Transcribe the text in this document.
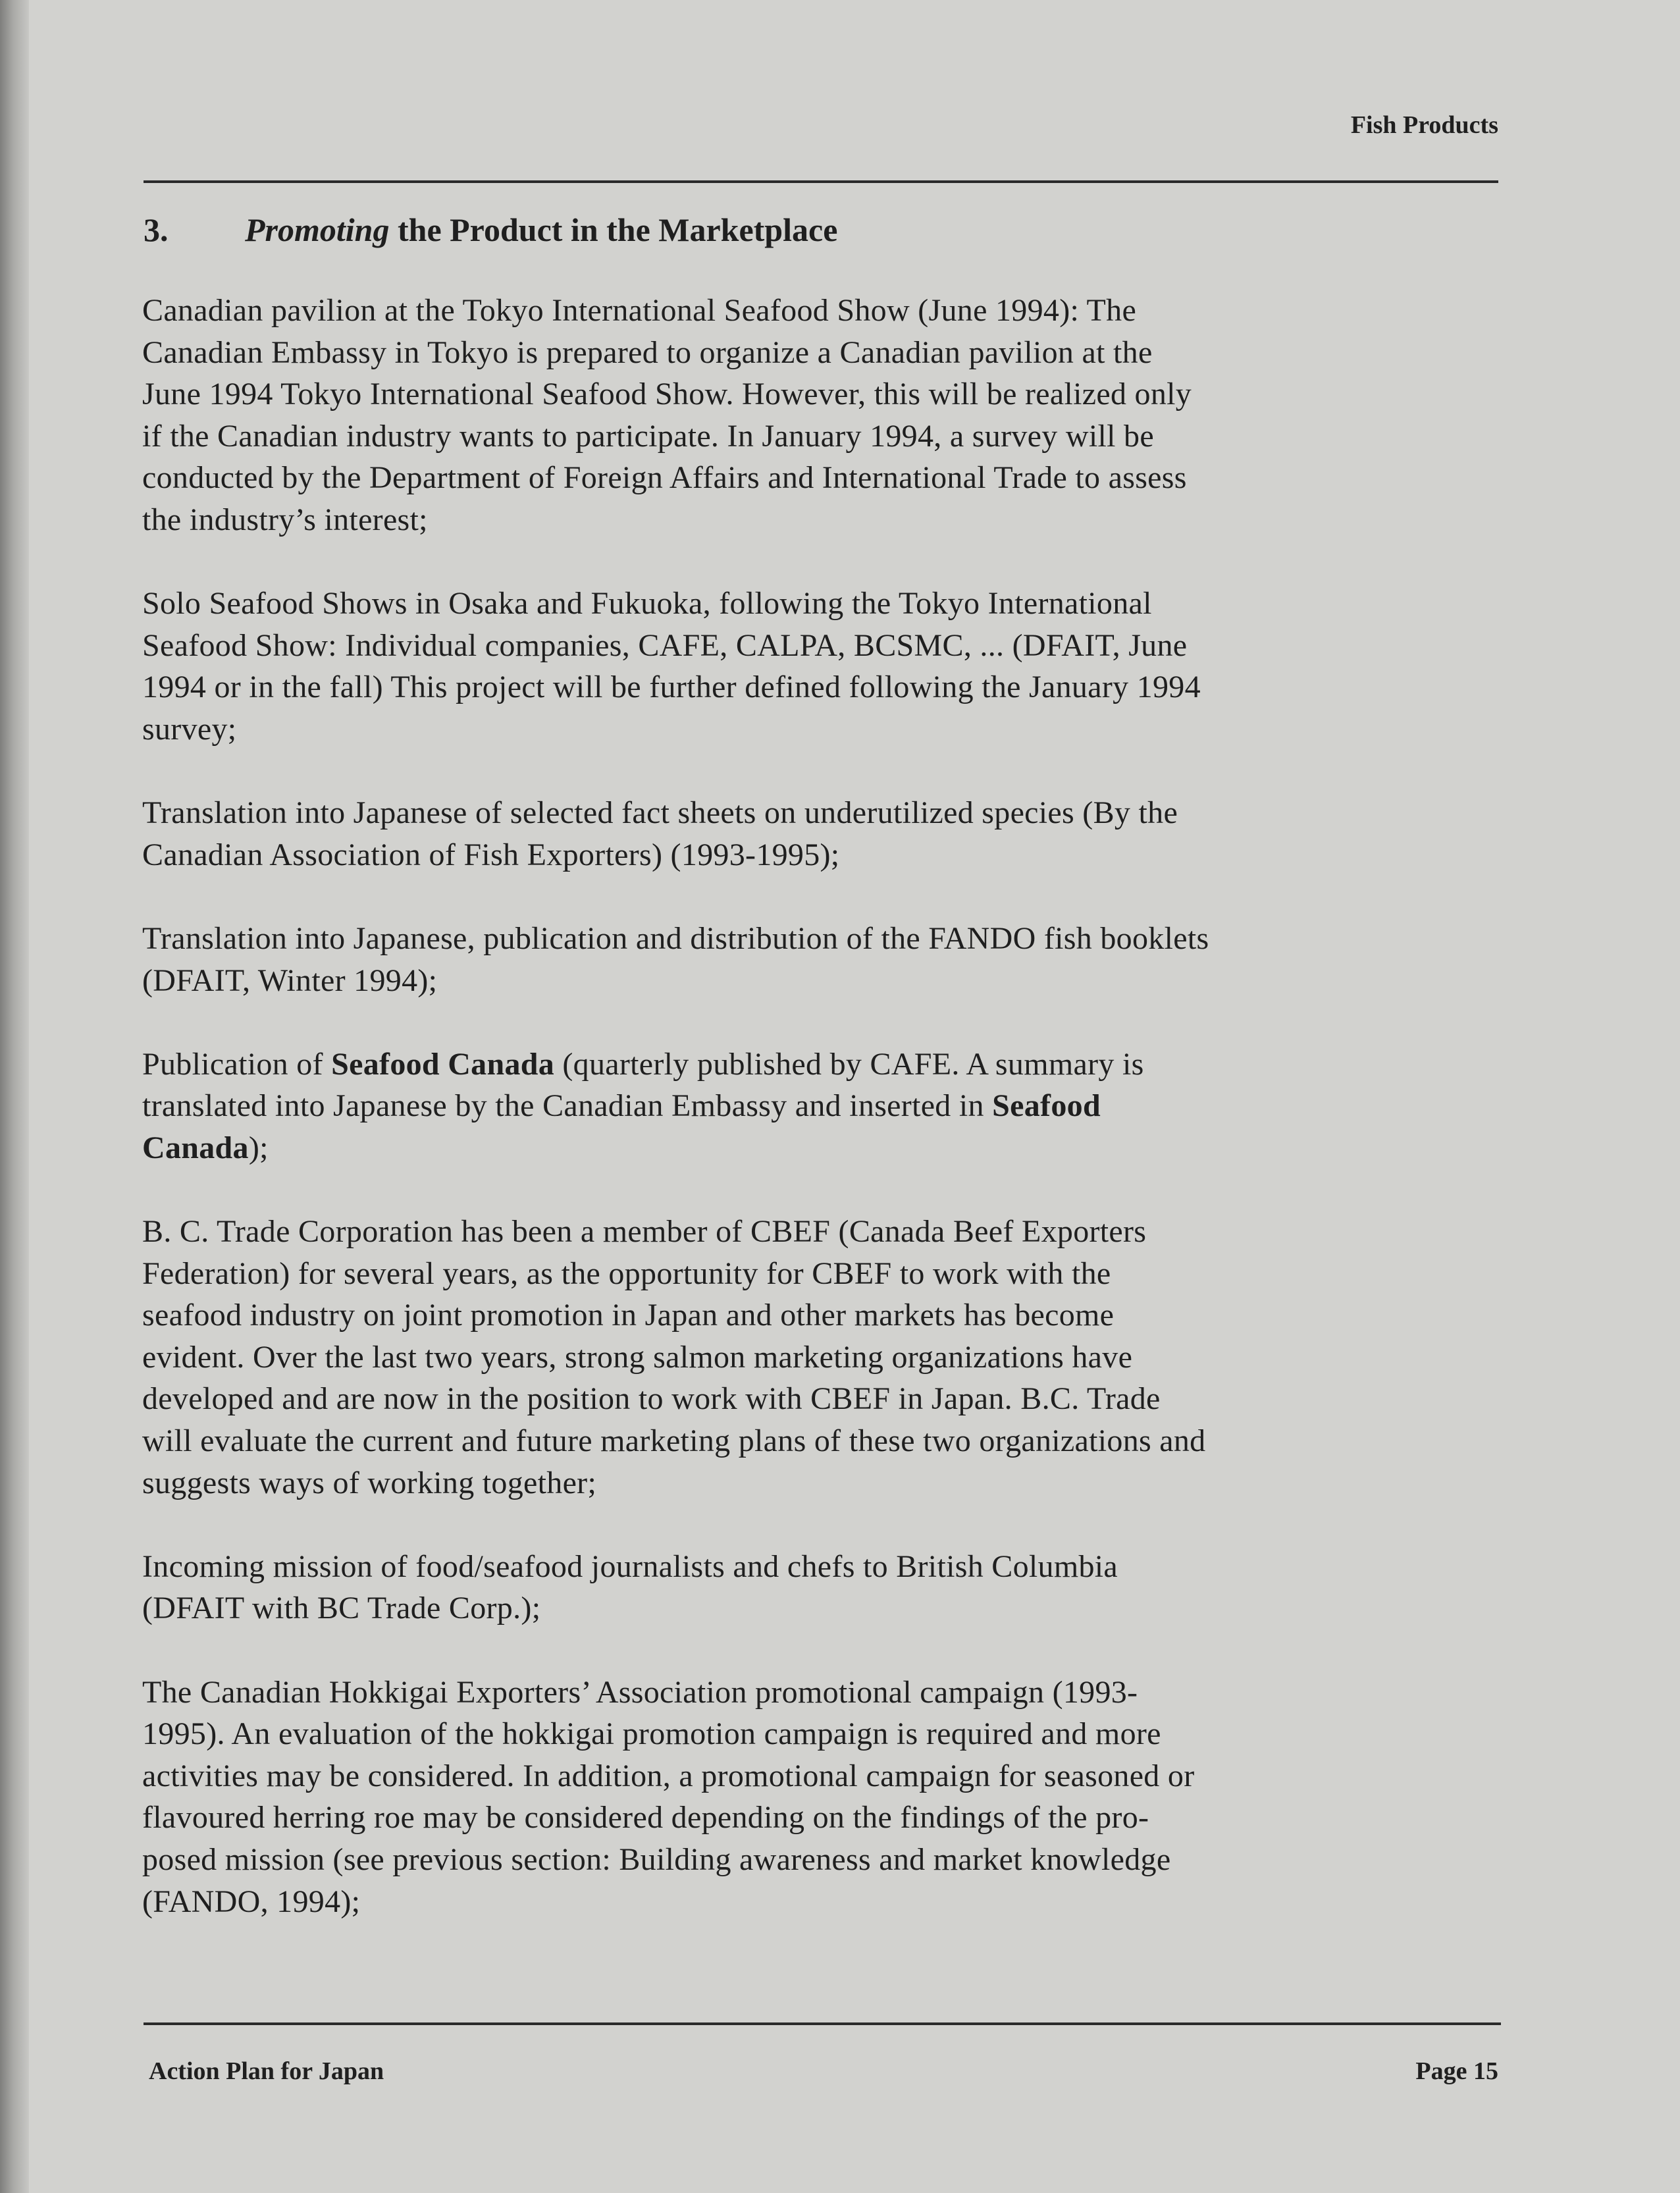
Fish Products
3. Promoting the Product in the Marketplace

Canadian pavilion at the Tokyo International Seafood Show (June 1994): The
Canadian Embassy in Tokyo is prepared to organize a Canadian pavilion at the
June 1994 Tokyo International Seafood Show. However, this will be realized only
if the Canadian industry wants to participate. In January 1994, a survey will be
conducted by the Department of Foreign Affairs and International Trade to assess
the industry’s interest;

Solo Seafood Shows in Osaka and Fukuoka, following the Tokyo International
Seafood Show: Individual companies, CAFE, CALPA, BCSMC, ... (DFAIT, June
1994 or in the fall) This project will be further defined following the January 1994
survey;

Translation into Japanese of selected fact sheets on underutilized species (By the
Canadian Association of Fish Exporters) (1993-1995);

Translation into Japanese, publication and distribution of the FANDO fish booklets
(DFAIT, Winter 1994);

Publication of Seafood Canada (quarterly published by CAFE. A summary is
translated into Japanese by the Canadian Embassy and inserted in Seafood
Canada);

B. C. Trade Corporation has been a member of CBEF (Canada Beef Exporters
Federation) for several years, as the opportunity for CBEF to work with the
seafood industry on joint promotion in Japan and other markets has become
evident. Over the last two years, strong salmon marketing organizations have
developed and are now in the position to work with CBEF in Japan. B.C. Trade
will evaluate the current and future marketing plans of these two organizations and
suggests ways of working together;

Incoming mission of food/seafood journalists and chefs to British Columbia
(DFAIT with BC Trade Corp.);

The Canadian Hokkigai Exporters’ Association promotional campaign (1993-
1995). An evaluation of the hokkigai promotion campaign is required and more
activities may be considered. In addition, a promotional campaign for seasoned or
flavoured herring roe may be considered depending on the findings of the pro-
posed mission (see previous section: Building awareness and market knowledge
(FANDO, 1994);

Action Plan for Japan	Page 15
